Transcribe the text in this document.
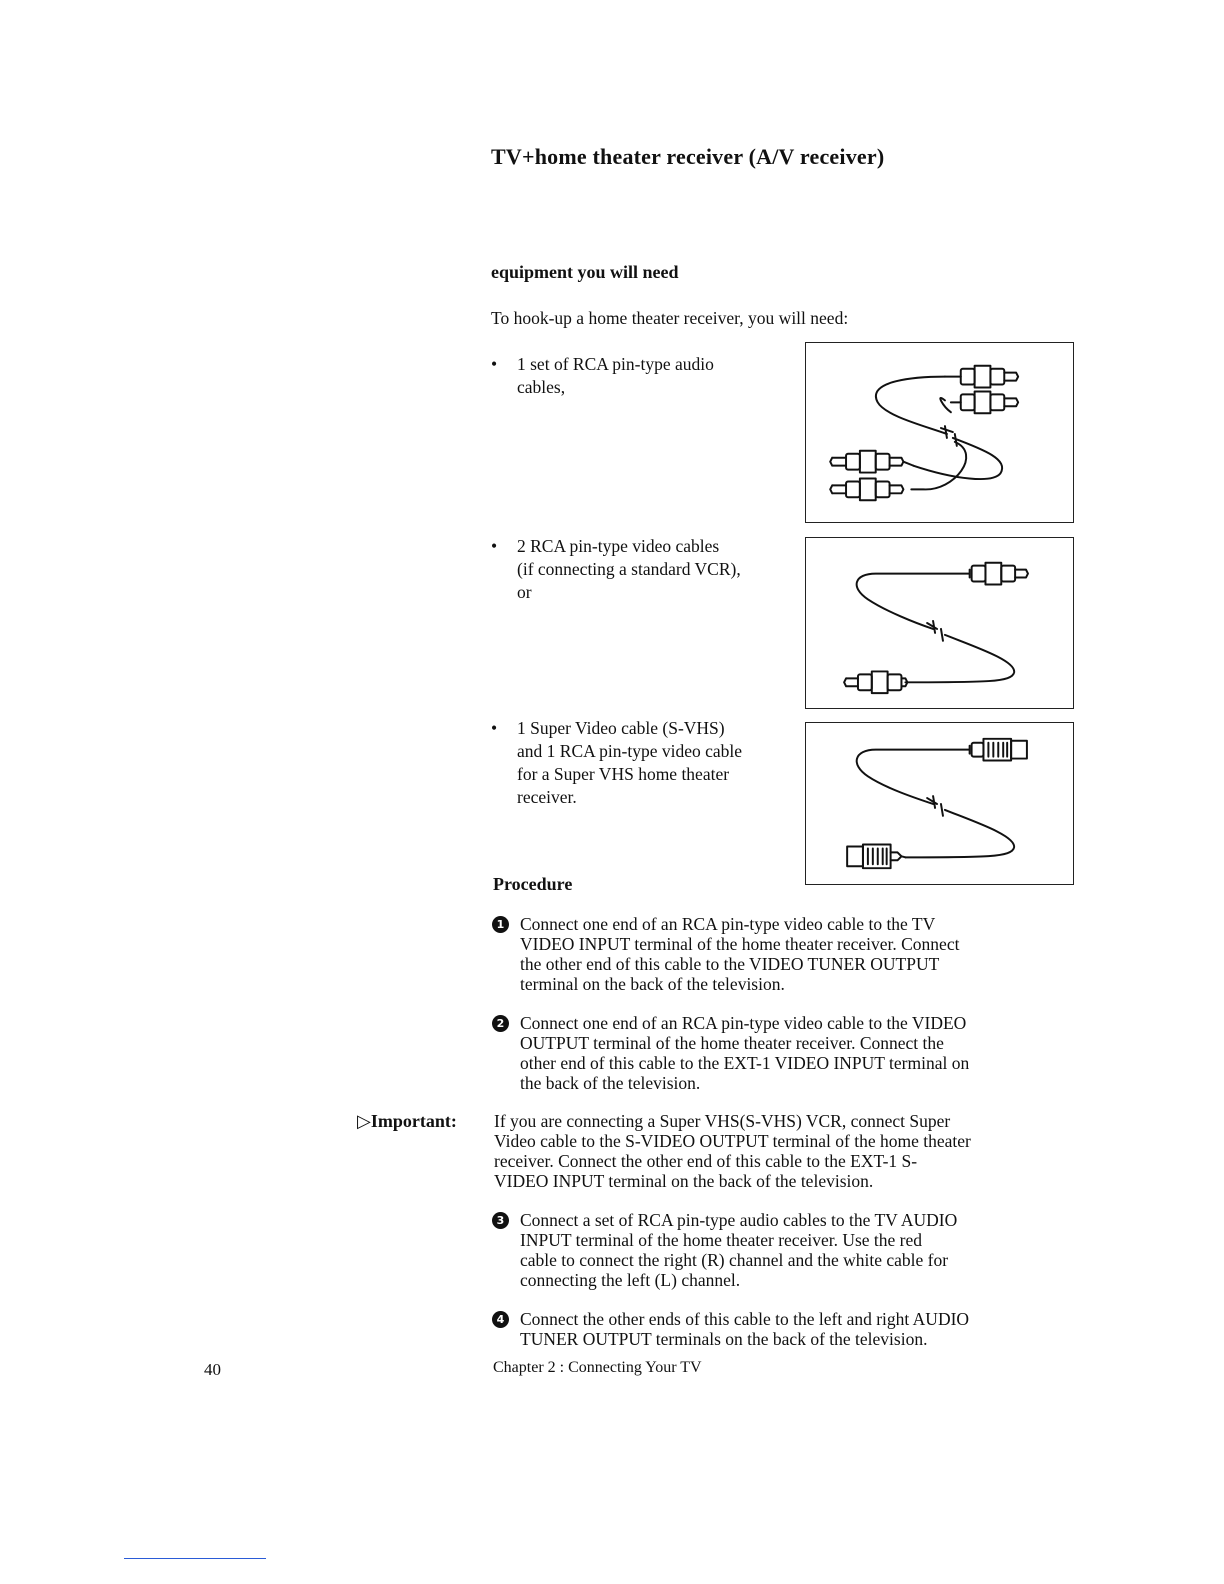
TV+home theater receiver (A/V receiver)
equipment you will need
To hook-up a home theater receiver, you will need:
• 1 set of RCA pin-type audio
cables,
• 2 RCA pin-type video cables
(if connecting a standard VCR),
or
• 1 Super Video cable (S-VHS)
and 1 RCA pin-type video cable
for a Super VHS home theater
receiver.
Procedure
1 Connect one end of an RCA pin-type video cable to the TV
VIDEO INPUT terminal of the home theater receiver. Connect
the other end of this cable to the VIDEO TUNER OUTPUT
terminal on the back of the television.
2 Connect one end of an RCA pin-type video cable to the VIDEO
OUTPUT terminal of the home theater receiver. Connect the
other end of this cable to the EXT-1 VIDEO INPUT terminal on
the back of the television.
▷Important: If you are connecting a Super VHS(S-VHS) VCR, connect Super
Video cable to the S-VIDEO OUTPUT terminal of the home theater
receiver. Connect the other end of this cable to the EXT-1 S-
VIDEO INPUT terminal on the back of the television.
3 Connect a set of RCA pin-type audio cables to the TV AUDIO
INPUT terminal of the home theater receiver. Use the red
cable to connect the right (R) channel and the white cable for
connecting the left (L) channel.
4 Connect the other ends of this cable to the left and right AUDIO
TUNER OUTPUT terminals on the back of the television.
40	Chapter 2 : Connecting Your TV
